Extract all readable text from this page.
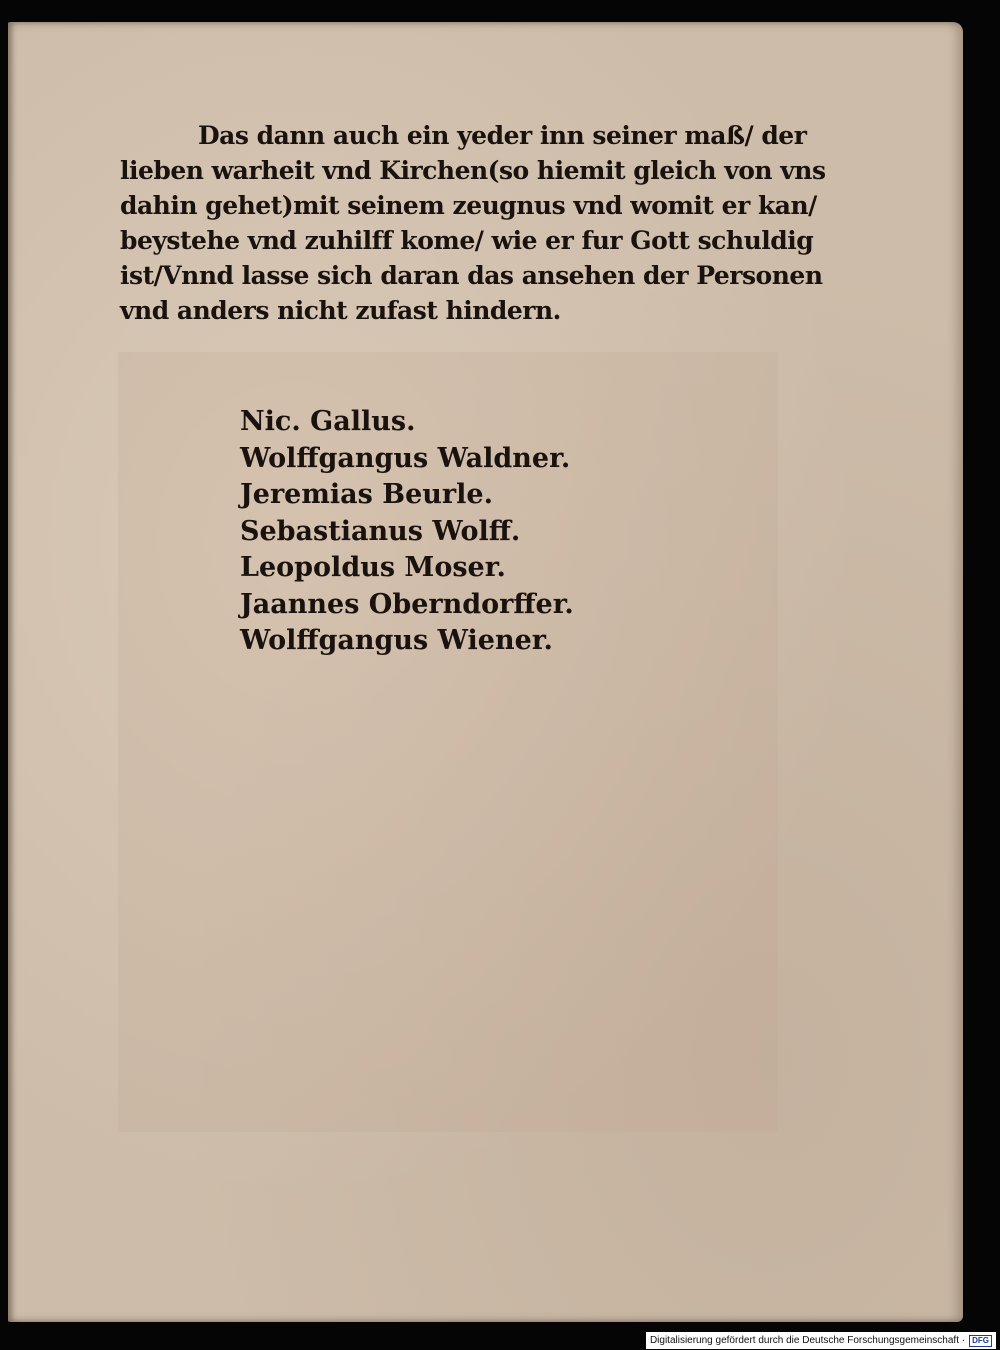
Das dann auch ein yeder inn seiner maß/ der
lieben warheit vnd Kirchen(so hiemit gleich von vns
dahin gehet)mit seinem zeugnus vnd womit er kan/
beystehe vnd zuhilff kome/ wie er fur Gott schuldig
ist/Vnnd lasse sich daran das ansehen der Personen
vnd anders nicht zufast hindern.

Nic. Gallus.
Wolffgangus Waldner.
Jeremias Beurle.
Sebastianus Wolff.
Leopoldus Moser.
Jaannes Oberndorffer.
Wolffgangus Wiener.
Digitalisierung gefördert durch die Deutsche Forschungsgemeinschaft · DFG
